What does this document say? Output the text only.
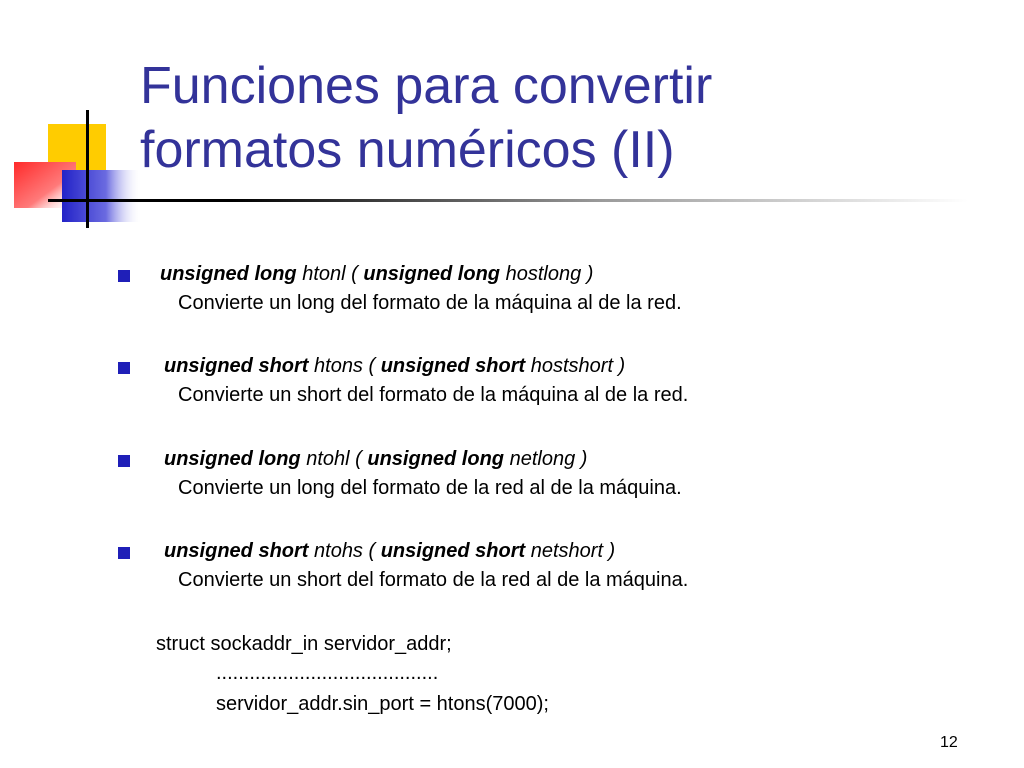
Funciones para convertir
formatos numéricos (II)
unsigned long htonl ( unsigned long hostlong )
Convierte un long del formato de la máquina al de la red.
unsigned short htons ( unsigned short hostshort )
Convierte un short del formato de la máquina al de la red.
unsigned long ntohl ( unsigned long netlong )
Convierte un long del formato de la red al de la máquina.
unsigned short ntohs ( unsigned short netshort )
Convierte un short del formato de la red al de la máquina.
struct sockaddr_in servidor_addr;
........................................
servidor_addr.sin_port = htons(7000);
12
